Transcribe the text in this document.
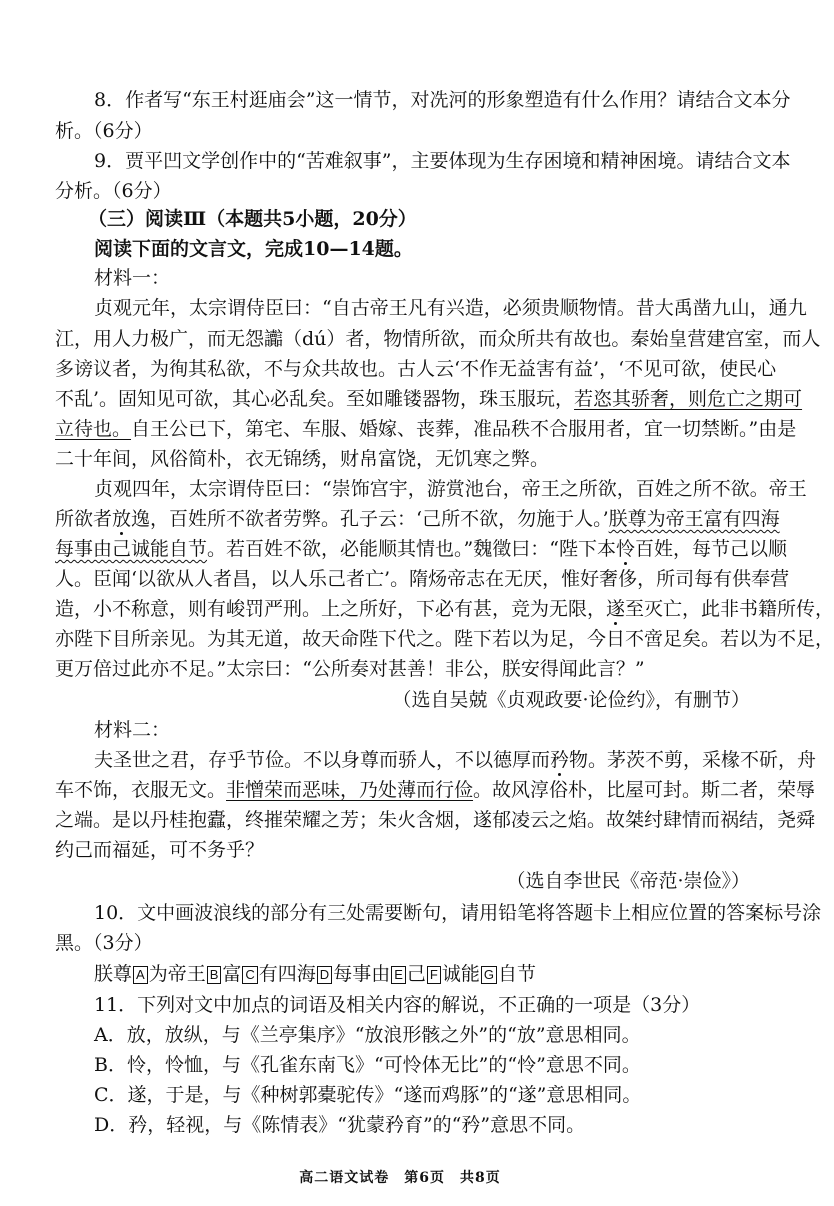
8．作者写“东王村逛庙会”这一情节，对冼河的形象塑造有什么作用？请结合文本分
析。（6分）
9．贾平凹文学创作中的“苦难叙事”，主要体现为生存困境和精神困境。请结合文本
分析。（6分）
（三）阅读Ⅲ（本题共5小题，20分）
阅读下面的文言文，完成10—14题。
材料一：
贞观元年，太宗谓侍臣曰：“自古帝王凡有兴造，必须贵顺物情。昔大禹凿九山，通九
江，用人力极广，而无怨讟（dú）者，物情所欲，而众所共有故也。秦始皇营建宫室，而人
多谤议者，为徇其私欲，不与众共故也。古人云‘不作无益害有益’，‘不见可欲，使民心
不乱’。固知见可欲，其心必乱矣。至如雕镂器物，珠玉服玩，若恣其骄奢，则危亡之期可
立待也。自王公已下，第宅、车服、婚嫁、丧葬，准品秩不合服用者，宜一切禁断。”由是
二十年间，风俗简朴，衣无锦绣，财帛富饶，无饥寒之弊。
贞观四年，太宗谓侍臣曰：“崇饰宫宇，游赏池台，帝王之所欲，百姓之所不欲。帝王
所欲者放逸，百姓所不欲者劳弊。孔子云：‘己所不欲，勿施于人。’朕尊为帝王富有四海
每事由己诚能自节。若百姓不欲，必能顺其情也。”魏徵曰：“陛下本怜百姓，每节己以顺
人。臣闻‘以欲从人者昌，以人乐己者亡’。隋炀帝志在无厌，惟好奢侈，所司每有供奉营
造，小不称意，则有峻罚严刑。上之所好，下必有甚，竞为无限，遂至灭亡，此非书籍所传，
亦陛下目所亲见。为其无道，故天命陛下代之。陛下若以为足，今日不啻足矣。若以为不足，
更万倍过此亦不足。”太宗曰：“公所奏对甚善！非公，朕安得闻此言？”
（选自吴兢《贞观政要·论俭约》，有删节）
材料二：
夫圣世之君，存乎节俭。不以身尊而骄人，不以德厚而矜物。茅茨不剪，采椽不斫，舟
车不饰，衣服无文。非憎荣而恶味，乃处薄而行俭。故风淳俗朴，比屋可封。斯二者，荣辱
之端。是以丹桂抱蠹，终摧荣耀之芳；朱火含烟，遂郁凌云之焰。故桀纣肆情而祸结，尧舜
约己而福延，可不务乎？
（选自李世民《帝范·崇俭》）
10．文中画波浪线的部分有三处需要断句，请用铅笔将答题卡上相应位置的答案标号涂
黑。（3分）
朕尊 A 为帝王 B 富 C 有四海 D 每事由 E 己 F 诚能 G 自节
11．下列对文中加点的词语及相关内容的解说，不正确的一项是（3分）
A．放，放纵，与《兰亭集序》“放浪形骸之外”的“放”意思相同。
B．怜，怜恤，与《孔雀东南飞》“可怜体无比”的“怜”意思不同。
C．遂，于是，与《种树郭橐驼传》“遂而鸡豚”的“遂”意思相同。
D．矜，轻视，与《陈情表》“犹蒙矜育”的“矜”意思不同。
高二语文试卷　第6页　共8页
